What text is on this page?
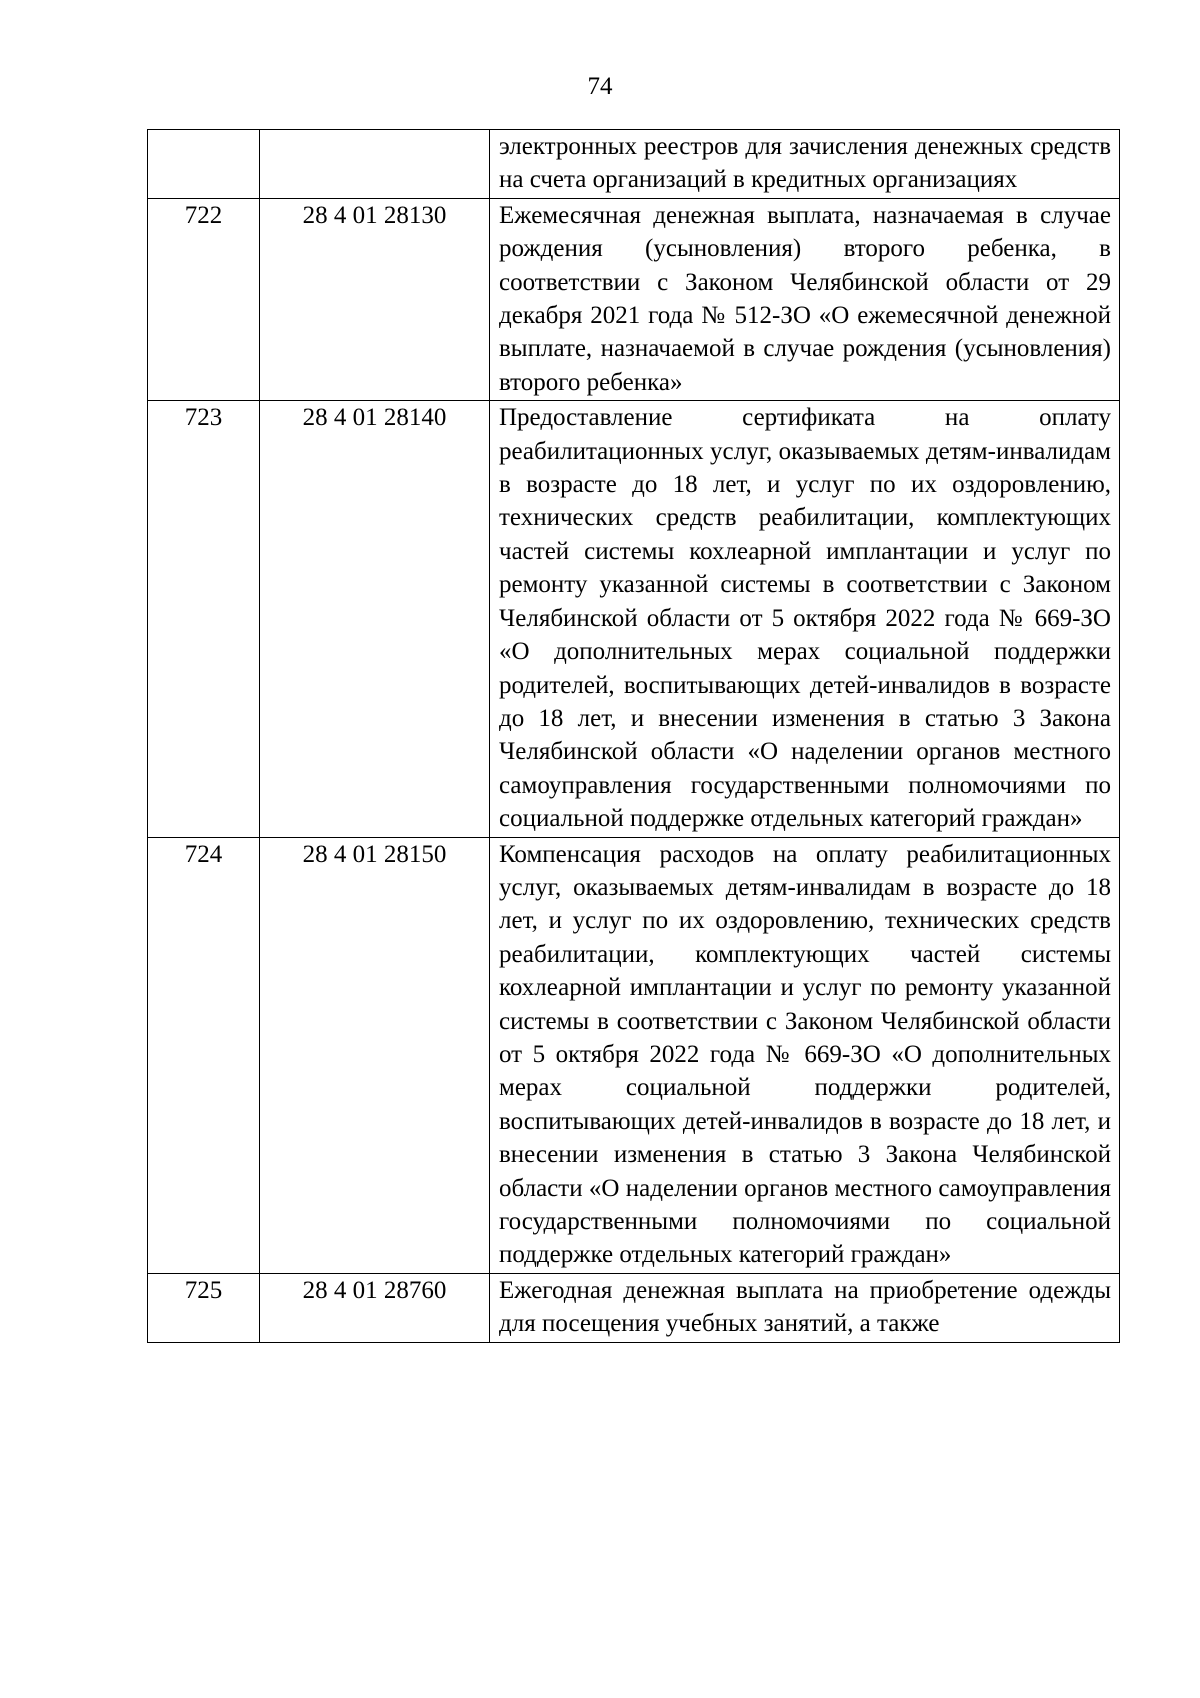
74
		электронных реестров для зачисления денежных средств на счета организаций в кредитных организациях
722	28 4 01 28130	Ежемесячная денежная выплата, назначаемая в случае рождения (усыновления) второго ребенка, в соответствии с Законом Челябинской области от 29 декабря 2021 года № 512-ЗО «О ежемесячной денежной выплате, назначаемой в случае рождения (усыновления) второго ребенка»
723	28 4 01 28140	Предоставление сертификата на оплату реабилитационных услуг, оказываемых детям-инвалидам в возрасте до 18 лет, и услуг по их оздоровлению, технических средств реабилитации, комплектующих частей системы кохлеарной имплантации и услуг по ремонту указанной системы в соответствии с Законом Челябинской области от 5 октября 2022 года № 669-ЗО «О дополнительных мерах социальной поддержки родителей, воспитывающих детей-инвалидов в возрасте до 18 лет, и внесении изменения в статью 3 Закона Челябинской области «О наделении органов местного самоуправления государственными полномочиями по социальной поддержке отдельных категорий граждан»
724	28 4 01 28150	Компенсация расходов на оплату реабилитационных услуг, оказываемых детям-инвалидам в возрасте до 18 лет, и услуг по их оздоровлению, технических средств реабилитации, комплектующих частей системы кохлеарной имплантации и услуг по ремонту указанной системы в соответствии с Законом Челябинской области от 5 октября 2022 года № 669-ЗО «О дополнительных мерах социальной поддержки родителей, воспитывающих детей-инвалидов в возрасте до 18 лет, и внесении изменения в статью 3 Закона Челябинской области «О наделении органов местного самоуправления государственными полномочиями по социальной поддержке отдельных категорий граждан»
725	28 4 01 28760	Ежегодная денежная выплата на приобретение одежды для посещения учебных занятий, а также
